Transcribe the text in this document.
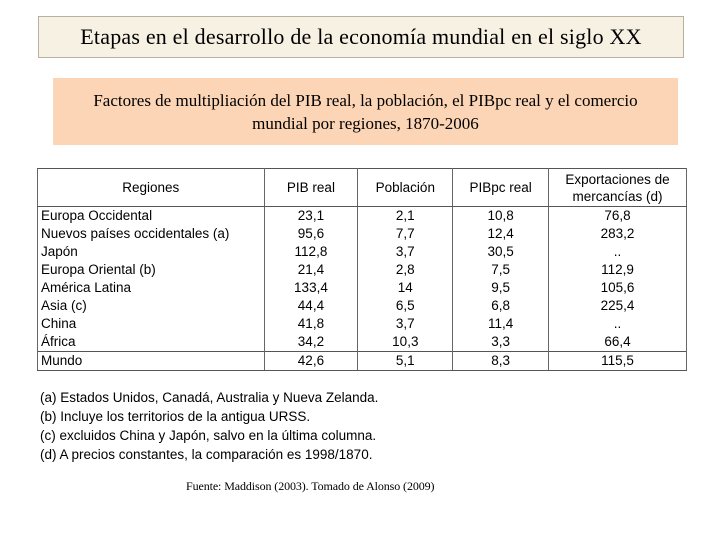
Etapas en el desarrollo de la economía mundial en el siglo XX
Factores de multipliación del PIB real, la población, el PIBpc real y el comercio mundial por regiones, 1870-2006
Regiones	PIB real	Población	PIBpc real	Exportaciones de mercancías (d)
Europa Occidental	23,1	2,1	10,8	76,8
Nuevos países occidentales (a)	95,6	7,7	12,4	283,2
Japón	112,8	3,7	30,5	..
Europa Oriental (b)	21,4	2,8	7,5	112,9
América Latina	133,4	14	9,5	105,6
Asia (c)	44,4	6,5	6,8	225,4
China	41,8	3,7	11,4	..
África	34,2	10,3	3,3	66,4
Mundo	42,6	5,1	8,3	115,5
(a) Estados Unidos, Canadá, Australia y Nueva Zelanda.
(b) Incluye los territorios de la antigua URSS.
(c) excluidos China y Japón, salvo en la última columna.
(d) A precios constantes, la comparación es 1998/1870.
Fuente: Maddison (2003). Tomado de Alonso (2009)
